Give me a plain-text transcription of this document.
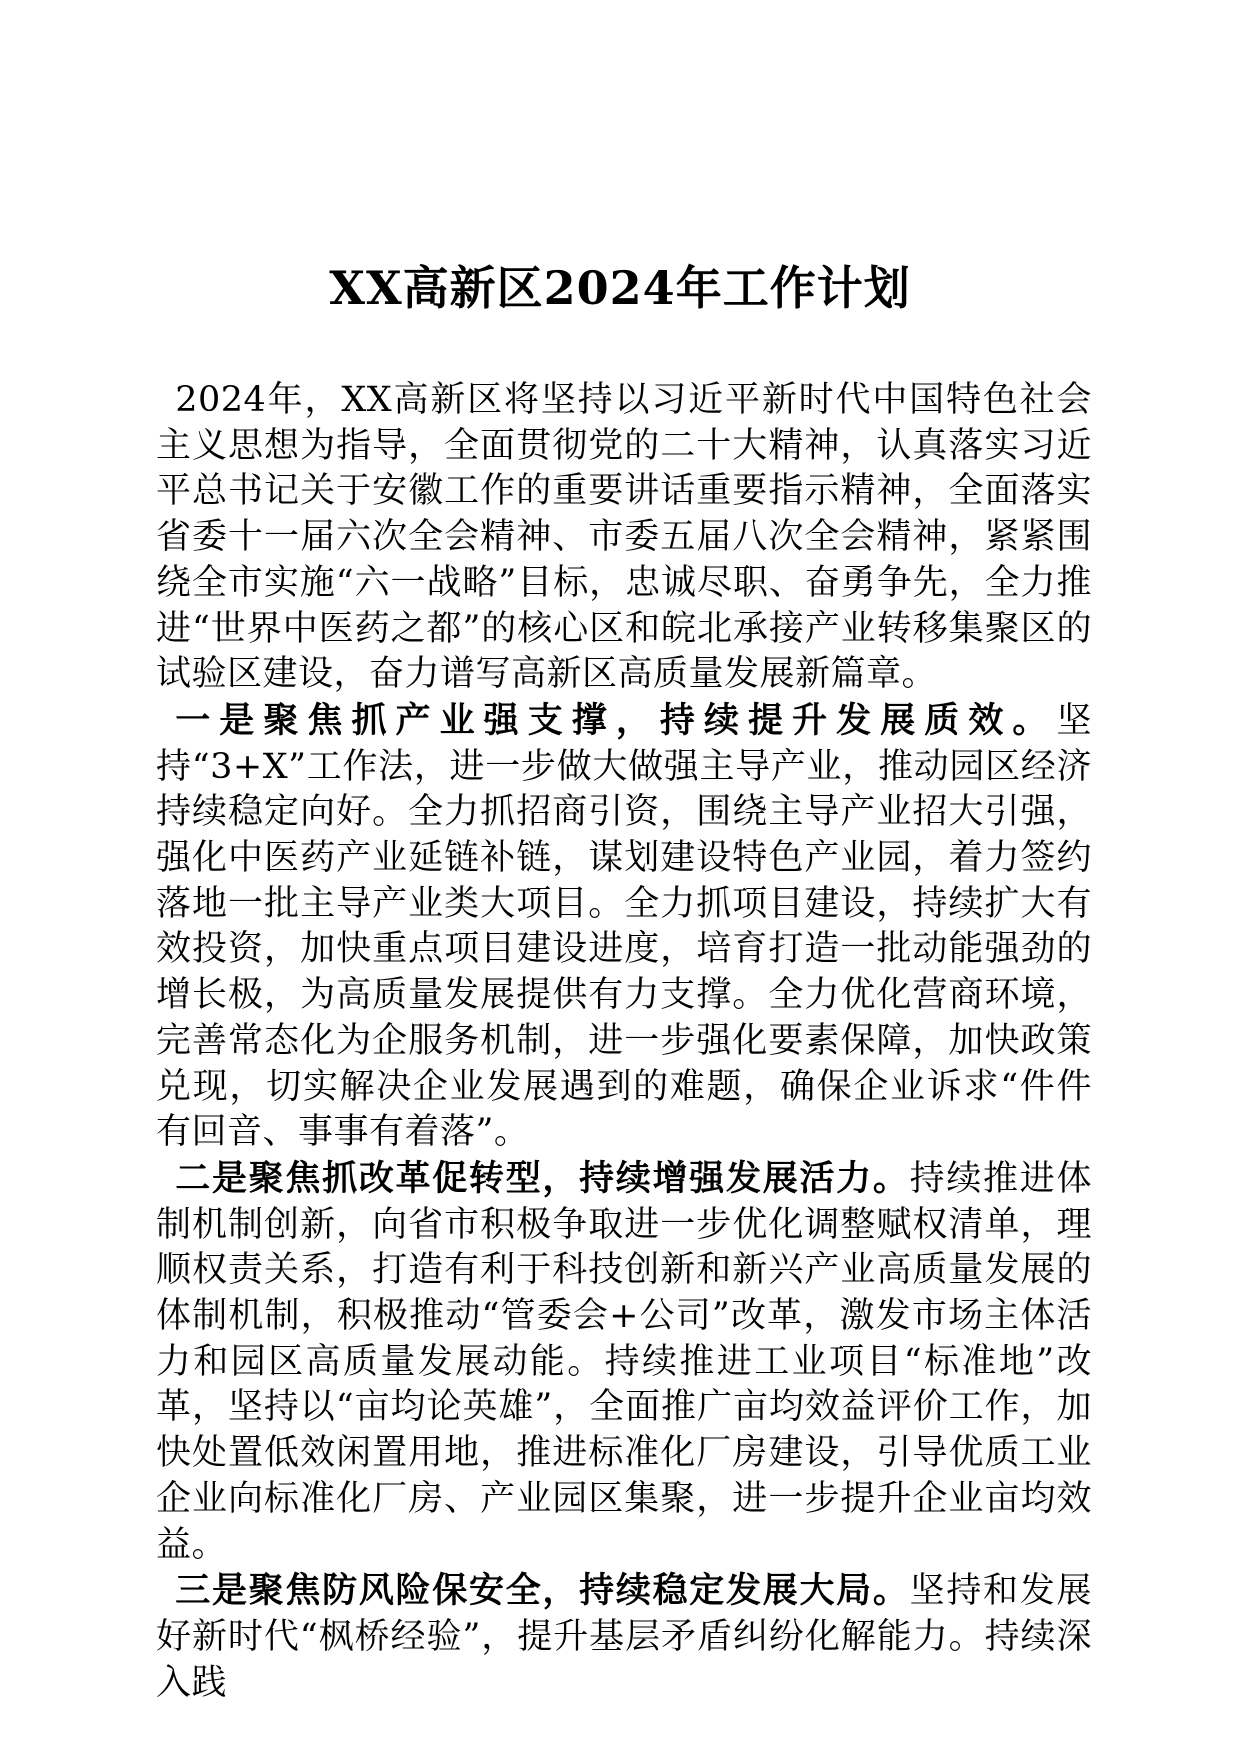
XX高新区2024年工作计划

2024年，XX高新区将坚持以习近平新时代中国特色社会主义思想为指导，全面贯彻党的二十大精神，认真落实习近平总书记关于安徽工作的重要讲话重要指示精神，全面落实省委十一届六次全会精神、市委五届八次全会精神，紧紧围绕全市实施“六一战略”目标，忠诚尽职、奋勇争先，全力推进“世界中医药之都”的核心区和皖北承接产业转移集聚区的试验区建设，奋力谱写高新区高质量发展新篇章。

一是聚焦抓产业强支撑，持续提升发展质效。坚持“3+X”工作法，进一步做大做强主导产业，推动园区经济持续稳定向好。全力抓招商引资，围绕主导产业招大引强，强化中医药产业延链补链，谋划建设特色产业园，着力签约落地一批主导产业类大项目。全力抓项目建设，持续扩大有效投资，加快重点项目建设进度，培育打造一批动能强劲的增长极，为高质量发展提供有力支撑。全力优化营商环境，完善常态化为企服务机制，进一步强化要素保障，加快政策兑现，切实解决企业发展遇到的难题，确保企业诉求“件件有回音、事事有着落”。

二是聚焦抓改革促转型，持续增强发展活力。持续推进体制机制创新，向省市积极争取进一步优化调整赋权清单，理顺权责关系，打造有利于科技创新和新兴产业高质量发展的体制机制，积极推动“管委会+公司”改革，激发市场主体活力和园区高质量发展动能。持续推进工业项目“标准地”改革，坚持以“亩均论英雄”，全面推广亩均效益评价工作，加快处置低效闲置用地，推进标准化厂房建设，引导优质工业企业向标准化厂房、产业园区集聚，进一步提升企业亩均效益。

三是聚焦防风险保安全，持续稳定发展大局。坚持和发展好新时代“枫桥经验”，提升基层矛盾纠纷化解能力。持续深入践
